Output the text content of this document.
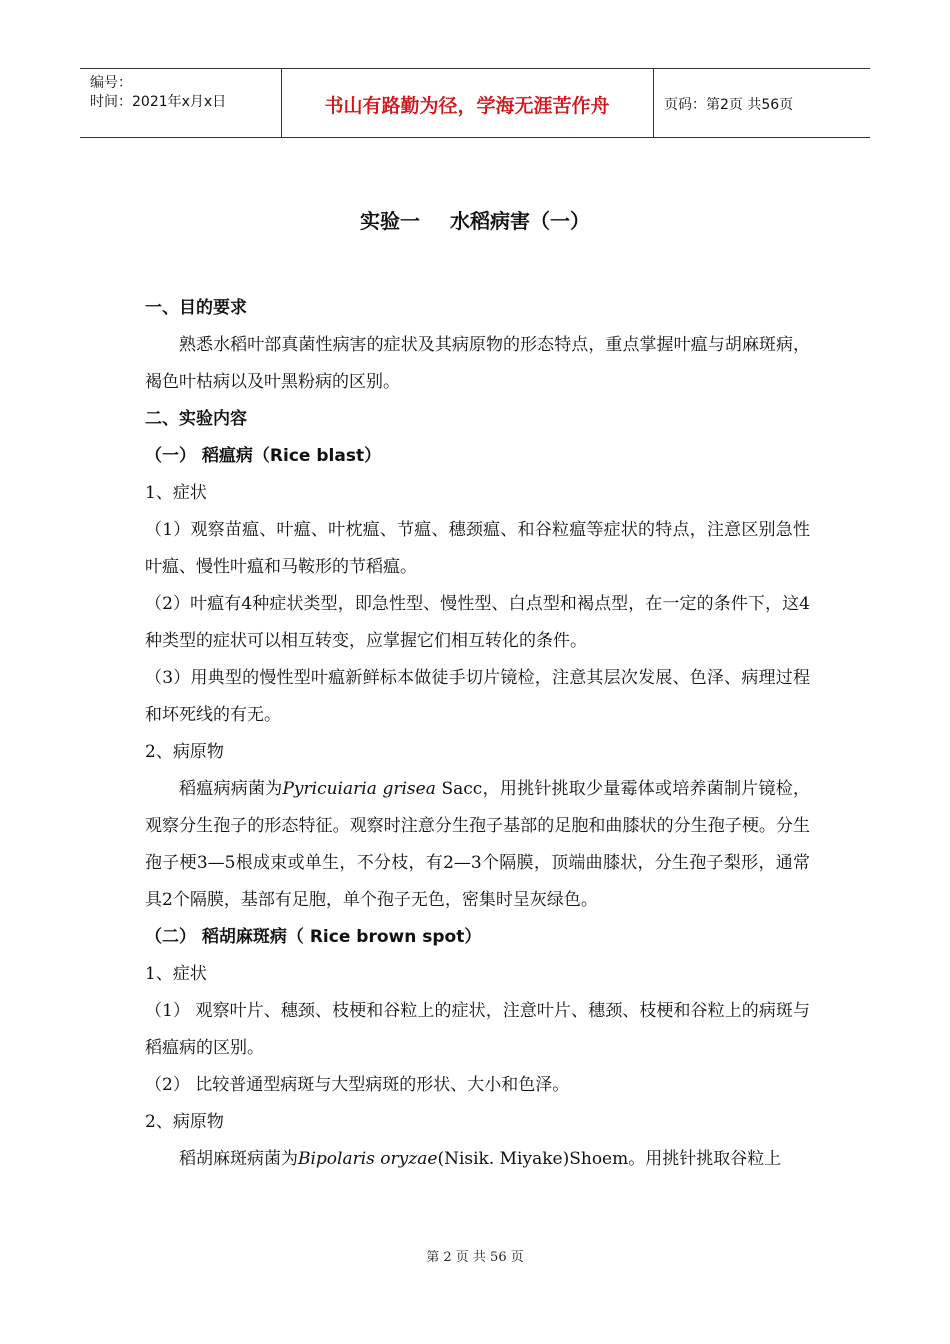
编号：
时间：2021年x月x日	书山有路勤为径，学海无涯苦作舟	页码：第2页 共56页
实验一 水稻病害（一）

一、目的要求

熟悉水稻叶部真菌性病害的症状及其病原物的形态特点，重点掌握叶瘟与胡麻斑病，褐色叶枯病以及叶黑粉病的区别。

二、实验内容

（一） 稻瘟病（Rice blast）

1、症状

（1）观察苗瘟、叶瘟、叶枕瘟、节瘟、穗颈瘟、和谷粒瘟等症状的特点，注意区别急性叶瘟、慢性叶瘟和马鞍形的节稻瘟。

（2）叶瘟有4种症状类型，即急性型、慢性型、白点型和褐点型，在一定的条件下，这4种类型的症状可以相互转变，应掌握它们相互转化的条件。

（3）用典型的慢性型叶瘟新鲜标本做徒手切片镜检，注意其层次发展、色泽、病理过程和坏死线的有无。

2、病原物

稻瘟病病菌为Pyricuiaria grisea Sacc，用挑针挑取少量霉体或培养菌制片镜检，观察分生孢子的形态特征。观察时注意分生孢子基部的足胞和曲膝状的分生孢子梗。分生孢子梗3—5根成束或单生，不分枝，有2—3个隔膜，顶端曲膝状，分生孢子梨形，通常具2个隔膜，基部有足胞，单个孢子无色，密集时呈灰绿色。

（二） 稻胡麻斑病（ Rice brown spot）

1、症状

（1） 观察叶片、穗颈、枝梗和谷粒上的症状，注意叶片、穗颈、枝梗和谷粒上的病斑与稻瘟病的区别。

（2） 比较普通型病斑与大型病斑的形状、大小和色泽。

2、病原物

稻胡麻斑病菌为Bipolaris oryzae(Nisik. Miyake)Shoem。用挑针挑取谷粒上

第 2 页 共 56 页
